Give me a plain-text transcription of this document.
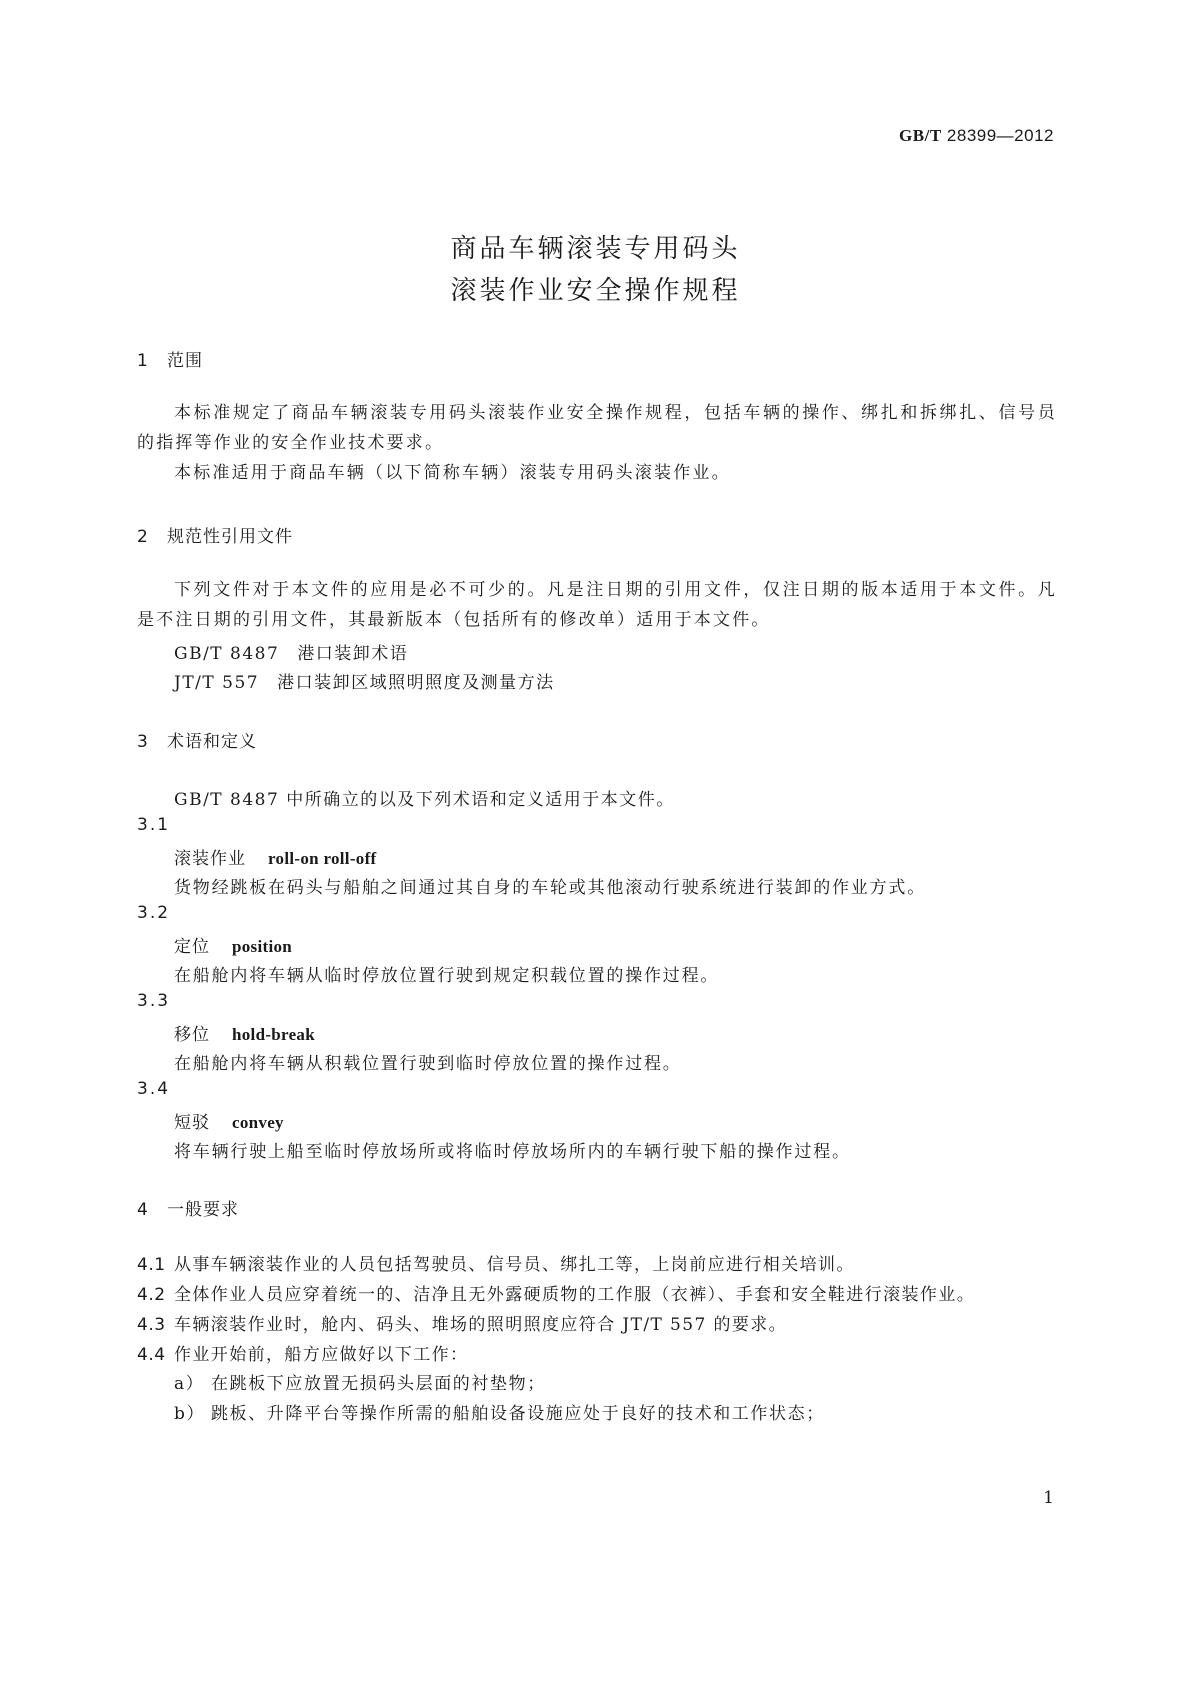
GB/T 28399—2012
商品车辆滚装专用码头
滚装作业安全操作规程
1 范围
本标准规定了商品车辆滚装专用码头滚装作业安全操作规程，包括车辆的操作、绑扎和拆绑扎、信号员的指挥等作业的安全作业技术要求。
本标准适用于商品车辆（以下简称车辆）滚装专用码头滚装作业。
2 规范性引用文件
下列文件对于本文件的应用是必不可少的。凡是注日期的引用文件，仅注日期的版本适用于本文件。凡是不注日期的引用文件，其最新版本（包括所有的修改单）适用于本文件。
GB/T 8487 港口装卸术语
JT/T 557 港口装卸区域照明照度及测量方法
3 术语和定义
GB/T 8487 中所确立的以及下列术语和定义适用于本文件。
3.1
滚装作业 roll-on roll-off
货物经跳板在码头与船舶之间通过其自身的车轮或其他滚动行驶系统进行装卸的作业方式。
3.2
定位 position
在船舱内将车辆从临时停放位置行驶到规定积载位置的操作过程。
3.3
移位 hold-break
在船舱内将车辆从积载位置行驶到临时停放位置的操作过程。
3.4
短驳 convey
将车辆行驶上船至临时停放场所或将临时停放场所内的车辆行驶下船的操作过程。
4 一般要求
4.1 从事车辆滚装作业的人员包括驾驶员、信号员、绑扎工等，上岗前应进行相关培训。
4.2 全体作业人员应穿着统一的、洁净且无外露硬质物的工作服（衣裤）、手套和安全鞋进行滚装作业。
4.3 车辆滚装作业时，舱内、码头、堆场的照明照度应符合 JT/T 557 的要求。
4.4 作业开始前，船方应做好以下工作：
a） 在跳板下应放置无损码头层面的衬垫物；
b） 跳板、升降平台等操作所需的船舶设备设施应处于良好的技术和工作状态；
1
